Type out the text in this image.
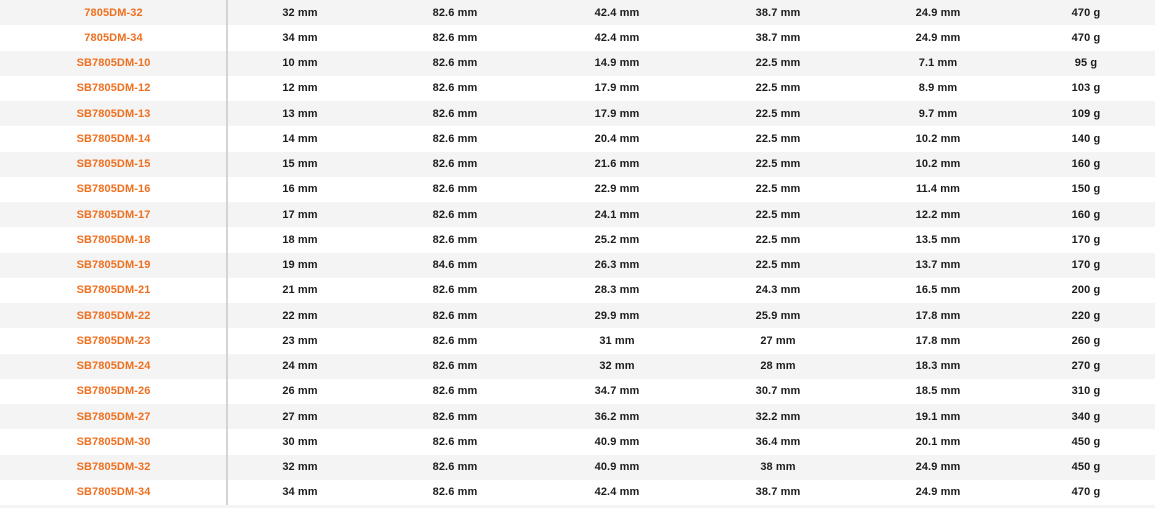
7805DM-32	32 mm	82.6 mm	42.4 mm	38.7 mm	24.9 mm	470 g
7805DM-34	34 mm	82.6 mm	42.4 mm	38.7 mm	24.9 mm	470 g
SB7805DM-10	10 mm	82.6 mm	14.9 mm	22.5 mm	7.1 mm	95 g
SB7805DM-12	12 mm	82.6 mm	17.9 mm	22.5 mm	8.9 mm	103 g
SB7805DM-13	13 mm	82.6 mm	17.9 mm	22.5 mm	9.7 mm	109 g
SB7805DM-14	14 mm	82.6 mm	20.4 mm	22.5 mm	10.2 mm	140 g
SB7805DM-15	15 mm	82.6 mm	21.6 mm	22.5 mm	10.2 mm	160 g
SB7805DM-16	16 mm	82.6 mm	22.9 mm	22.5 mm	11.4 mm	150 g
SB7805DM-17	17 mm	82.6 mm	24.1 mm	22.5 mm	12.2 mm	160 g
SB7805DM-18	18 mm	82.6 mm	25.2 mm	22.5 mm	13.5 mm	170 g
SB7805DM-19	19 mm	84.6 mm	26.3 mm	22.5 mm	13.7 mm	170 g
SB7805DM-21	21 mm	82.6 mm	28.3 mm	24.3 mm	16.5 mm	200 g
SB7805DM-22	22 mm	82.6 mm	29.9 mm	25.9 mm	17.8 mm	220 g
SB7805DM-23	23 mm	82.6 mm	31 mm	27 mm	17.8 mm	260 g
SB7805DM-24	24 mm	82.6 mm	32 mm	28 mm	18.3 mm	270 g
SB7805DM-26	26 mm	82.6 mm	34.7 mm	30.7 mm	18.5 mm	310 g
SB7805DM-27	27 mm	82.6 mm	36.2 mm	32.2 mm	19.1 mm	340 g
SB7805DM-30	30 mm	82.6 mm	40.9 mm	36.4 mm	20.1 mm	450 g
SB7805DM-32	32 mm	82.6 mm	40.9 mm	38 mm	24.9 mm	450 g
SB7805DM-34	34 mm	82.6 mm	42.4 mm	38.7 mm	24.9 mm	470 g
